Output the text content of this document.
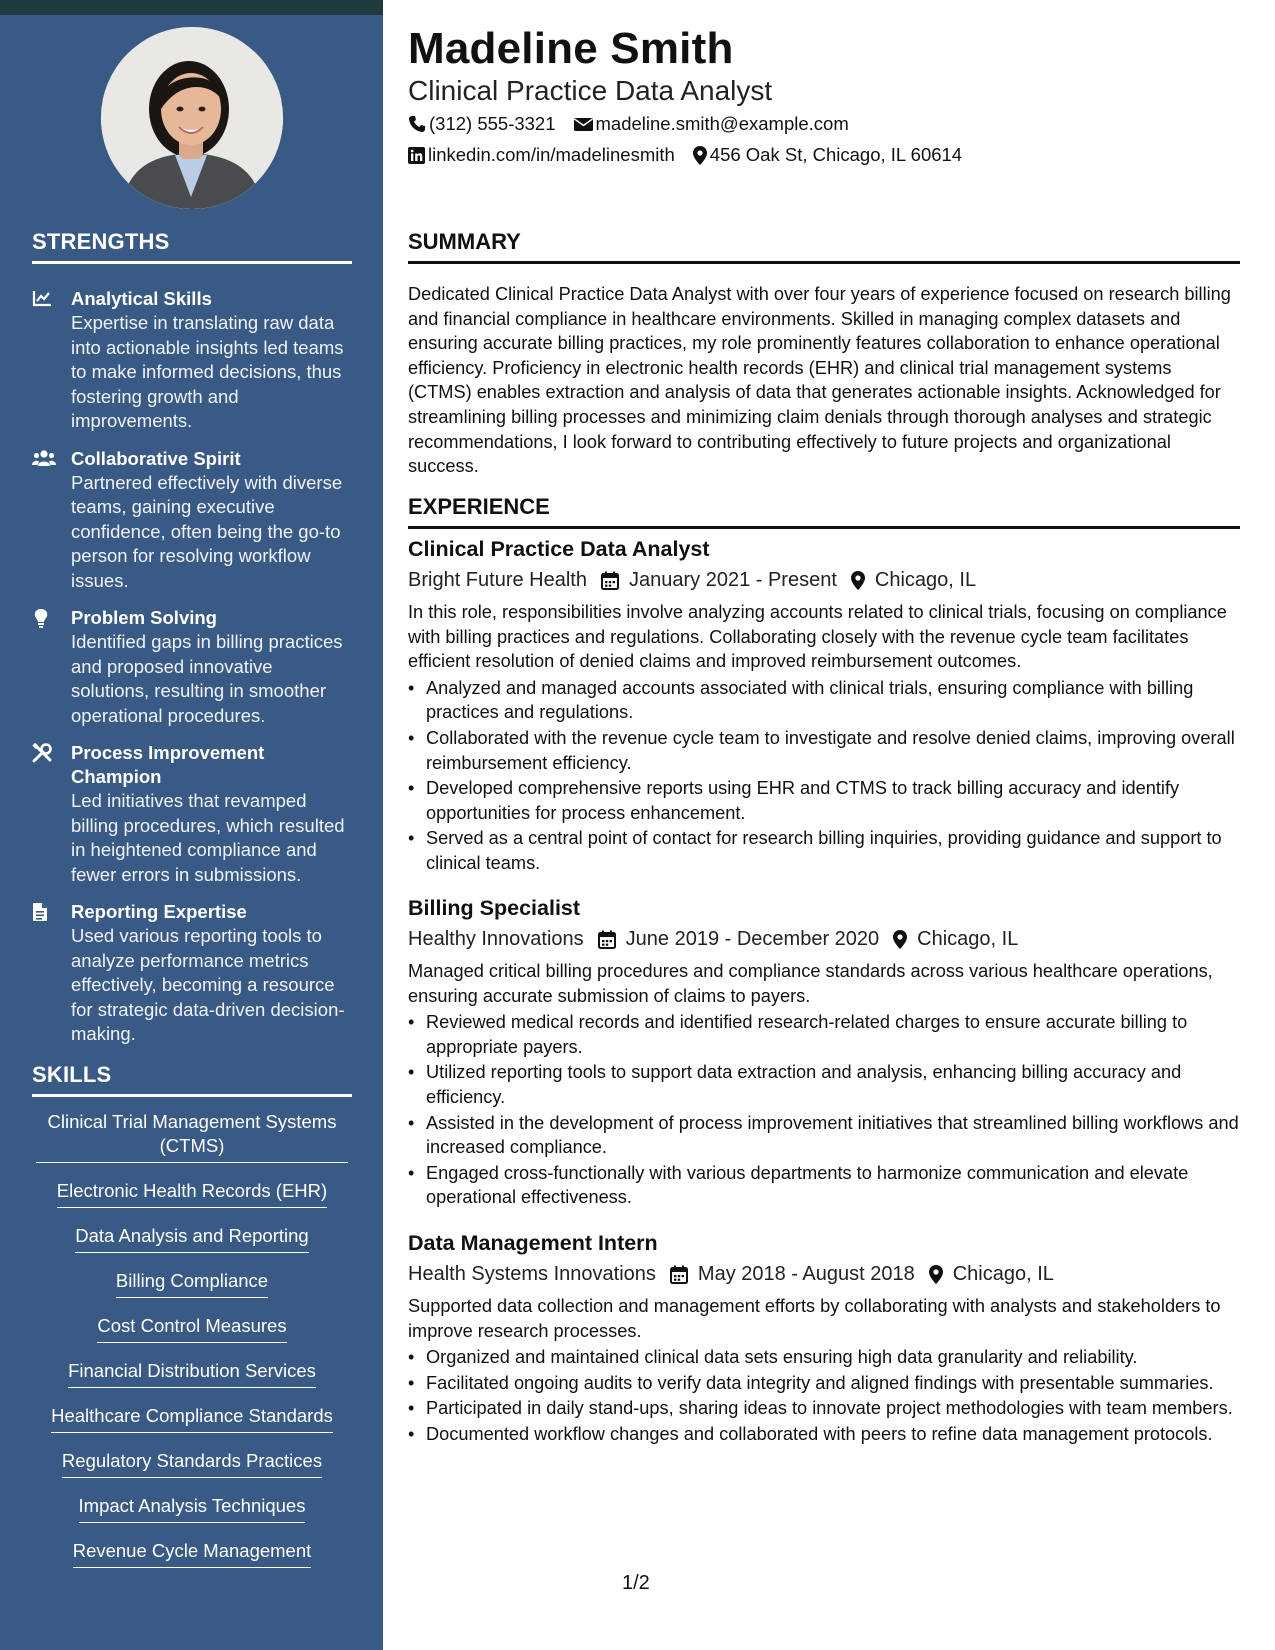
STRENGTHS
Analytical Skills
Expertise in translating raw data into actionable insights led teams to make informed decisions, thus fostering growth and improvements.
Collaborative Spirit
Partnered effectively with diverse teams, gaining executive confidence, often being the go-to person for resolving workflow issues.
Problem Solving
Identified gaps in billing practices and proposed innovative solutions, resulting in smoother operational procedures.
Process Improvement Champion
Led initiatives that revamped billing procedures, which resulted in heightened compliance and fewer errors in submissions.
Reporting Expertise
Used various reporting tools to analyze performance metrics effectively, becoming a resource for strategic data-driven decision-making.
SKILLS
Clinical Trial Management Systems (CTMS)
Electronic Health Records (EHR)
Data Analysis and Reporting
Billing Compliance
Cost Control Measures
Financial Distribution Services
Healthcare Compliance Standards
Regulatory Standards Practices
Impact Analysis Techniques
Revenue Cycle Management
Madeline Smith
Clinical Practice Data Analyst
(312) 555-3321 madeline.smith@example.com
linkedin.com/in/madelinesmith 456 Oak St, Chicago, IL 60614
SUMMARY
Dedicated Clinical Practice Data Analyst with over four years of experience focused on research billing and financial compliance in healthcare environments. Skilled in managing complex datasets and ensuring accurate billing practices, my role prominently features collaboration to enhance operational efficiency. Proficiency in electronic health records (EHR) and clinical trial management systems (CTMS) enables extraction and analysis of data that generates actionable insights. Acknowledged for streamlining billing processes and minimizing claim denials through thorough analyses and strategic recommendations, I look forward to contributing effectively to future projects and organizational success.
EXPERIENCE
Clinical Practice Data Analyst
Bright Future Health January 2021 - Present Chicago, IL
In this role, responsibilities involve analyzing accounts related to clinical trials, focusing on compliance with billing practices and regulations. Collaborating closely with the revenue cycle team facilitates efficient resolution of denied claims and improved reimbursement outcomes.
• Analyzed and managed accounts associated with clinical trials, ensuring compliance with billing practices and regulations.
• Collaborated with the revenue cycle team to investigate and resolve denied claims, improving overall reimbursement efficiency.
• Developed comprehensive reports using EHR and CTMS to track billing accuracy and identify opportunities for process enhancement.
• Served as a central point of contact for research billing inquiries, providing guidance and support to clinical teams.
Billing Specialist
Healthy Innovations June 2019 - December 2020 Chicago, IL
Managed critical billing procedures and compliance standards across various healthcare operations, ensuring accurate submission of claims to payers.
• Reviewed medical records and identified research-related charges to ensure accurate billing to appropriate payers.
• Utilized reporting tools to support data extraction and analysis, enhancing billing accuracy and efficiency.
• Assisted in the development of process improvement initiatives that streamlined billing workflows and increased compliance.
• Engaged cross-functionally with various departments to harmonize communication and elevate operational effectiveness.
Data Management Intern
Health Systems Innovations May 2018 - August 2018 Chicago, IL
Supported data collection and management efforts by collaborating with analysts and stakeholders to improve research processes.
• Organized and maintained clinical data sets ensuring high data granularity and reliability.
• Facilitated ongoing audits to verify data integrity and aligned findings with presentable summaries.
• Participated in daily stand-ups, sharing ideas to innovate project methodologies with team members.
• Documented workflow changes and collaborated with peers to refine data management protocols.
1/2
